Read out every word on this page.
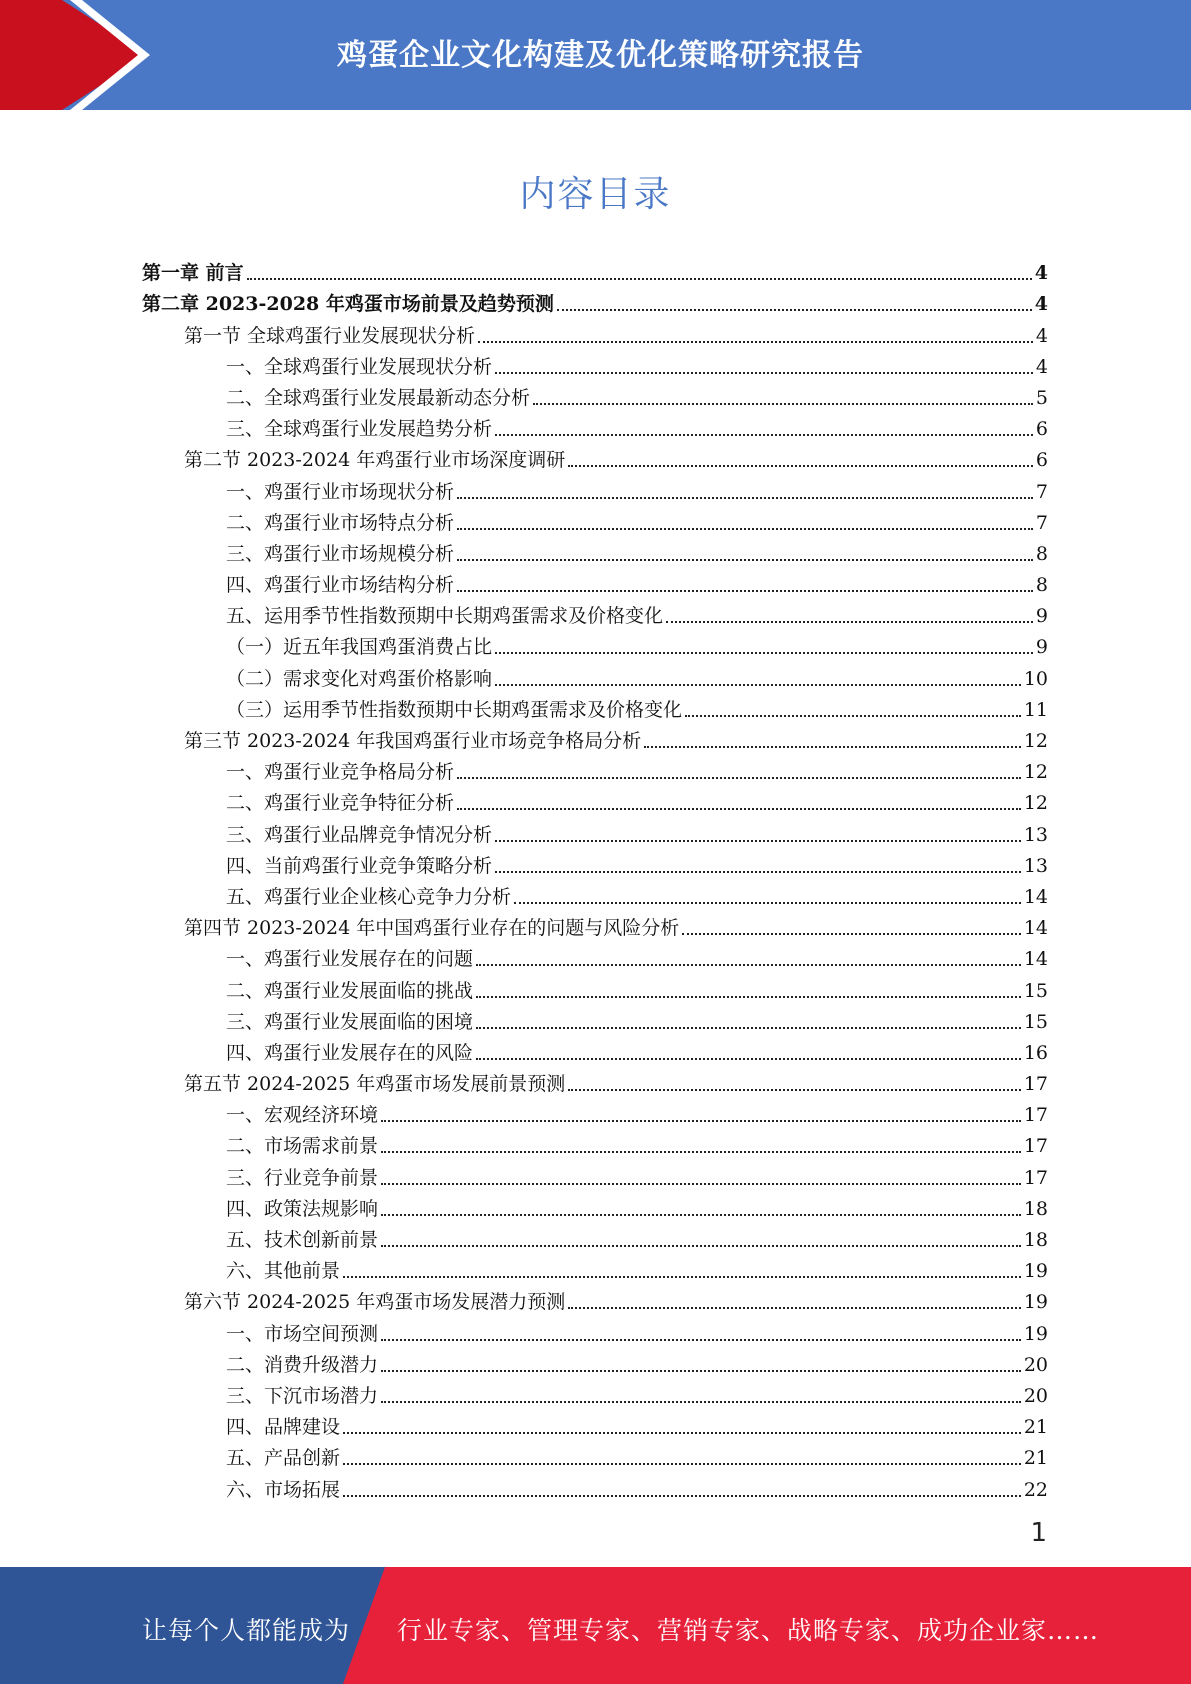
鸡蛋企业文化构建及优化策略研究报告
内容目录
第一章 前言	4
第二章 2023-2028 年鸡蛋市场前景及趋势预测	4
第一节 全球鸡蛋行业发展现状分析	4
一、全球鸡蛋行业发展现状分析	4
二、全球鸡蛋行业发展最新动态分析	5
三、全球鸡蛋行业发展趋势分析	6
第二节 2023-2024 年鸡蛋行业市场深度调研	6
一、鸡蛋行业市场现状分析	7
二、鸡蛋行业市场特点分析	7
三、鸡蛋行业市场规模分析	8
四、鸡蛋行业市场结构分析	8
五、运用季节性指数预期中长期鸡蛋需求及价格变化	9
（一）近五年我国鸡蛋消费占比	9
（二）需求变化对鸡蛋价格影响	10
（三）运用季节性指数预期中长期鸡蛋需求及价格变化	11
第三节 2023-2024 年我国鸡蛋行业市场竞争格局分析	12
一、鸡蛋行业竞争格局分析	12
二、鸡蛋行业竞争特征分析	12
三、鸡蛋行业品牌竞争情况分析	13
四、当前鸡蛋行业竞争策略分析	13
五、鸡蛋行业企业核心竞争力分析	14
第四节 2023-2024 年中国鸡蛋行业存在的问题与风险分析	14
一、鸡蛋行业发展存在的问题	14
二、鸡蛋行业发展面临的挑战	15
三、鸡蛋行业发展面临的困境	15
四、鸡蛋行业发展存在的风险	16
第五节 2024-2025 年鸡蛋市场发展前景预测	17
一、宏观经济环境	17
二、市场需求前景	17
三、行业竞争前景	17
四、政策法规影响	18
五、技术创新前景	18
六、其他前景	19
第六节 2024-2025 年鸡蛋市场发展潜力预测	19
一、市场空间预测	19
二、消费升级潜力	20
三、下沉市场潜力	20
四、品牌建设	21
五、产品创新	21
六、市场拓展	22
1
让每个人都能成为 行业专家、管理专家、营销专家、战略专家、成功企业家……
